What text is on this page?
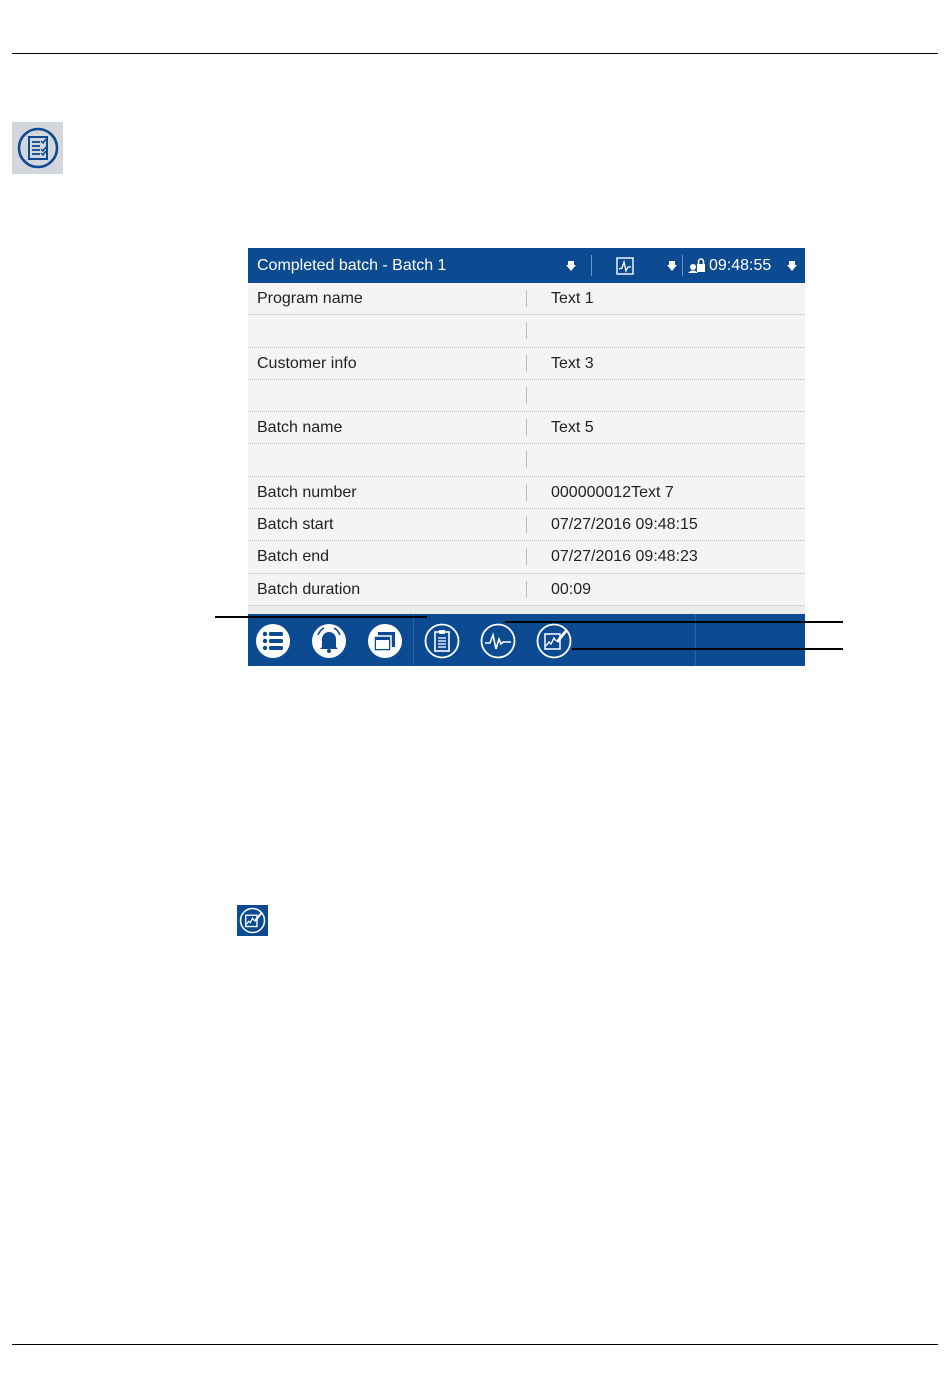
Completed batch - Batch 1	09:48:55
Program name	Text 1
Customer info	Text 3
Batch name	Text 5
Batch number	000000012Text 7
Batch start	07/27/2016 09:48:15
Batch end	07/27/2016 09:48:23
Batch duration	00:09
